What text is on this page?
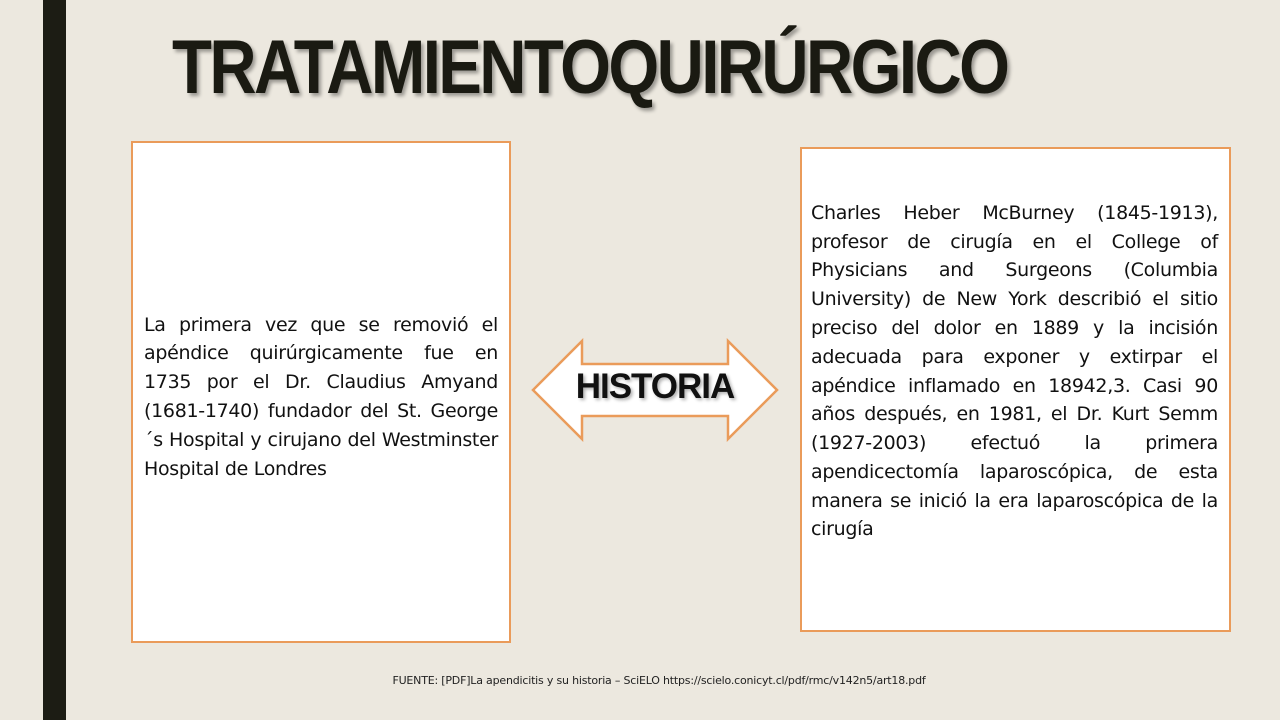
TRATAMIENTOQUIRÚRGICO

La primera vez que se removió el apéndice quirúrgicamente fue en 1735 por el Dr. Claudius Amyand (1681-1740) fundador del St. George´s Hospital y cirujano del Westminster Hospital de Londres

HISTORIA

Charles Heber McBurney (1845-1913), profesor de cirugía en el College of Physicians and Surgeons (Columbia University) de New York describió el sitio preciso del dolor en 1889 y la incisión adecuada para exponer y extirpar el apéndice inflamado en 18942,3. Casi 90 años después, en 1981, el Dr. Kurt Semm (1927-2003) efectuó la primera apendicectomía laparoscópica, de esta manera se inició la era laparoscópica de la cirugía

FUENTE: [PDF]La apendicitis y su historia – SciELO https://scielo.conicyt.cl/pdf/rmc/v142n5/art18.pdf
